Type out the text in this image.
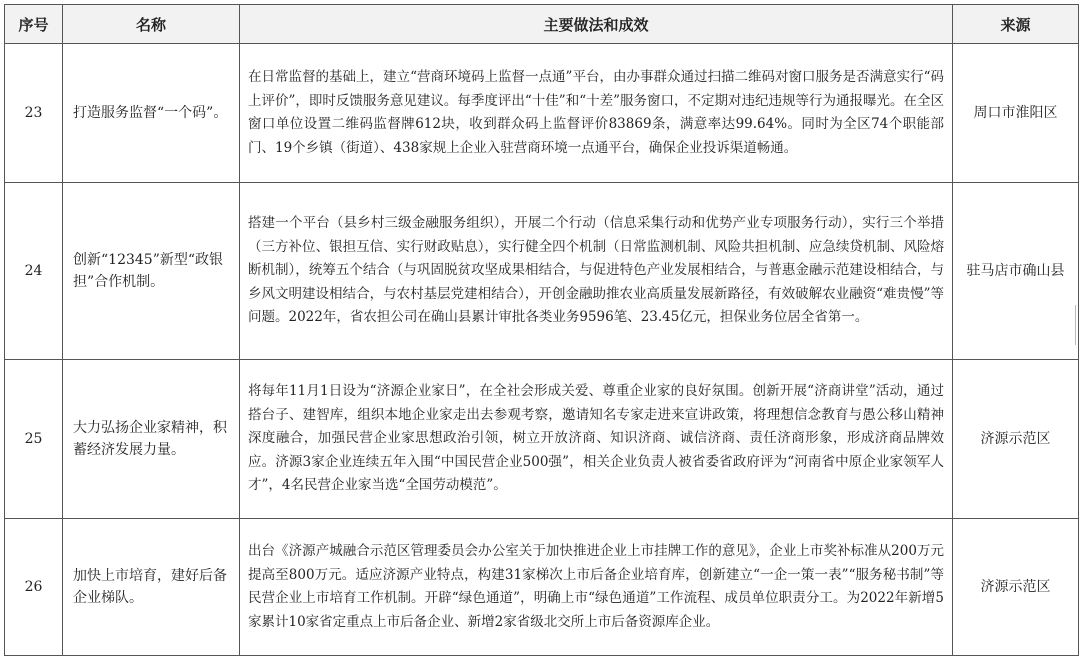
序号	名称	主要做法和成效	来源
23	打造服务监督“一个码”。	在日常监督的基础上，建立“营商环境码上监督一点通”平台，由办事群众通过扫描二维码对窗口服务是否满意实行“码上评价”，即时反馈服务意见建议。每季度评出“十佳”和“十差”服务窗口，不定期对违纪违规等行为通报曝光。在全区窗口单位设置二维码监督牌612块，收到群众码上监督评价83869条，满意率达99.64%。同时为全区74个职能部门、19个乡镇（街道）、438家规上企业入驻营商环境一点通平台，确保企业投诉渠道畅通。	周口市淮阳区
24	创新“12345”新型“政银担”合作机制。	搭建一个平台（县乡村三级金融服务组织），开展二个行动（信息采集行动和优势产业专项服务行动），实行三个举措（三方补位、银担互信、实行财政贴息），实行健全四个机制（日常监测机制、风险共担机制、应急续贷机制、风险熔断机制），统筹五个结合（与巩固脱贫攻坚成果相结合，与促进特色产业发展相结合，与普惠金融示范建设相结合，与乡风文明建设相结合，与农村基层党建相结合），开创金融助推农业高质量发展新路径，有效破解农业融资“难贵慢”等问题。2022年，省农担公司在确山县累计审批各类业务9596笔、23.45亿元，担保业务位居全省第一。	驻马店市确山县
25	大力弘扬企业家精神，积蓄经济发展力量。	将每年11月1日设为“济源企业家日”，在全社会形成关爱、尊重企业家的良好氛围。创新开展“济商讲堂”活动，通过搭台子、建智库，组织本地企业家走出去参观考察，邀请知名专家走进来宣讲政策，将理想信念教育与愚公移山精神深度融合，加强民营企业家思想政治引领，树立开放济商、知识济商、诚信济商、责任济商形象，形成济商品牌效应。济源3家企业连续五年入围“中国民营企业500强”，相关企业负责人被省委省政府评为“河南省中原企业家领军人才”，4名民营企业家当选“全国劳动模范”。	济源示范区
26	加快上市培育，建好后备企业梯队。	出台《济源产城融合示范区管理委员会办公室关于加快推进企业上市挂牌工作的意见》，企业上市奖补标准从200万元提高至800万元。适应济源产业特点，构建31家梯次上市后备企业培育库，创新建立“一企一策一表”“服务秘书制”等民营企业上市培育工作机制。开辟“绿色通道”，明确上市“绿色通道”工作流程、成员单位职责分工。为2022年新增5家累计10家省定重点上市后备企业、新增2家省级北交所上市后备资源库企业。	济源示范区
